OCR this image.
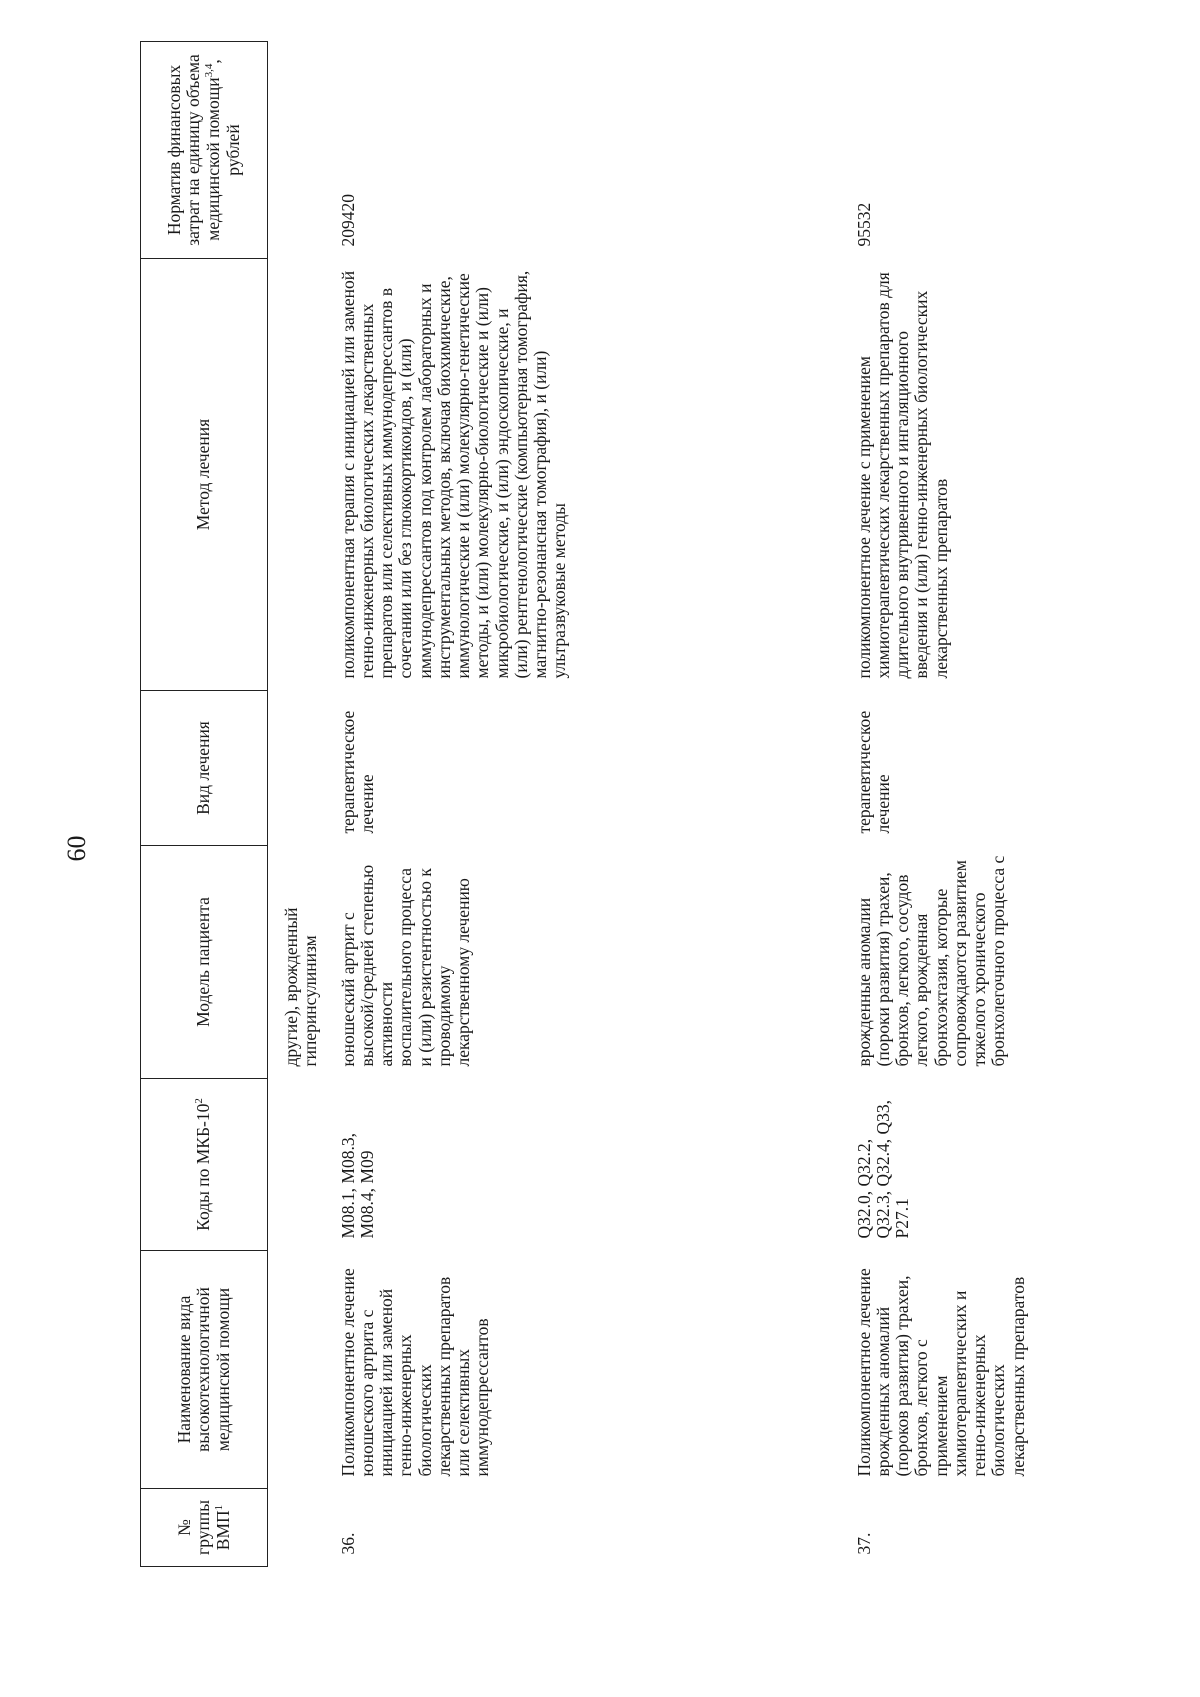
60
№
группы
ВМП$^1$	Наименование вида высокотехнологичной медицинской помощи	Коды по МКБ-$10^2$	Модель пациента	Вид лечения	Метод лечения	Норматив финансовых затрат на единицу объема медицинской помощи$^{3,4}$, рублей
			другие), врожденный гиперинсулинизм			
36.	Поликомпонентное лечение юношеского артрита с инициацией или заменой генно-инженерных биологических лекарственных препаратов или селективных иммунодепрессантов	M08.1, M08.3, M08.4, M09	юношеский артрит с высокой/средней степенью активности воспалительного процесса и (или) резистентностью к проводимому лекарственному лечению	терапевтическое лечение	поликомпонентная терапия с инициацией или заменой генно-инженерных биологических лекарственных препаратов или селективных иммунодепрессантов в сочетании или без глюкокортикоидов, и (или) иммунодепрессантов под контролем лабораторных и инструментальных методов, включая биохимические, иммунологические и (или) молекулярно-генетические методы, и (или) молекулярно-биологические и (или) микробиологические, и (или) эндоскопические, и (или) рентгенологические (компьютерная томография, магнитно-резонансная томография), и (или) ультразвуковые методы	209420
37.	Поликомпонентное лечение врожденных аномалий (пороков развития) трахеи, бронхов, легкого с применением химиотерапевтических и генно-инженерных биологических лекарственных препаратов	Q32.0, Q32.2, Q32.3, Q32.4, Q33, P27.1	врожденные аномалии (пороки развития) трахеи, бронхов, легкого, сосудов легкого, врожденная бронхоэктазия, которые сопровождаются развитием тяжелого хронического бронхолегочного процесса с	терапевтическое лечение	поликомпонентное лечение с применением химиотерапевтических лекарственных препаратов для длительного внутривенного и ингаляционного введения и (или) генно-инженерных биологических лекарственных препаратов	95532
